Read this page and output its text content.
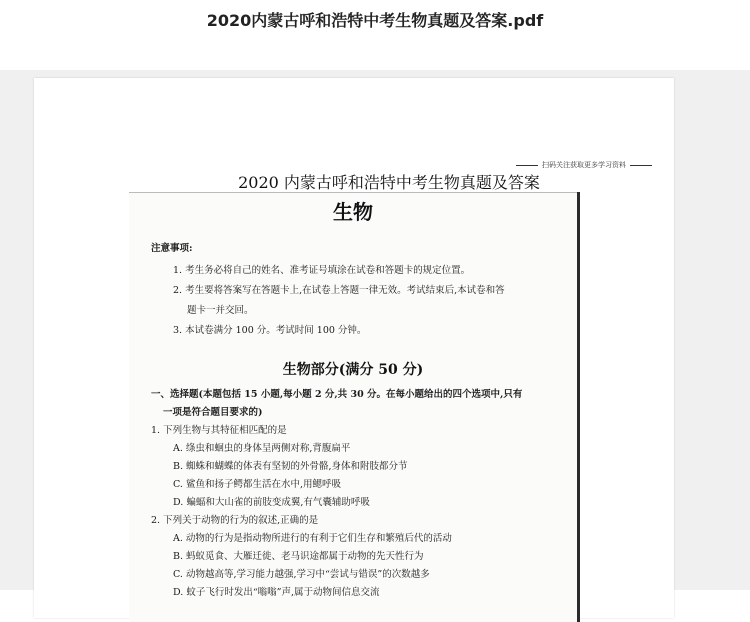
2020内蒙古呼和浩特中考生物真题及答案.pdf
扫码关注获取更多学习资料
2020 内蒙古呼和浩特中考生物真题及答案
生物
注意事项:
1. 考生务必将自己的姓名、准考证号填涂在试卷和答题卡的规定位置。
2. 考生要将答案写在答题卡上,在试卷上答题一律无效。考试结束后,本试卷和答
题卡一并交回。
3. 本试卷满分 100 分。考试时间 100 分钟。
生物部分(满分 50 分)
一、选择题(本题包括 15 小题,每小题 2 分,共 30 分。在每小题给出的四个选项中,只有
一项是符合题目要求的)
1. 下列生物与其特征相匹配的是
A. 绦虫和蛔虫的身体呈两侧对称,背腹扁平
B. 蜘蛛和蝴蝶的体表有坚韧的外骨骼,身体和附肢都分节
C. 鲨鱼和扬子鳄都生活在水中,用鳃呼吸
D. 蝙蝠和大山雀的前肢变成翼,有气囊辅助呼吸
2. 下列关于动物的行为的叙述,正确的是
A. 动物的行为是指动物所进行的有利于它们生存和繁殖后代的活动
B. 蚂蚁觅食、大雁迁徙、老马识途都属于动物的先天性行为
C. 动物越高等,学习能力越强,学习中“尝试与错误”的次数越多
D. 蚊子飞行时发出“嗡嗡”声,属于动物间信息交流
